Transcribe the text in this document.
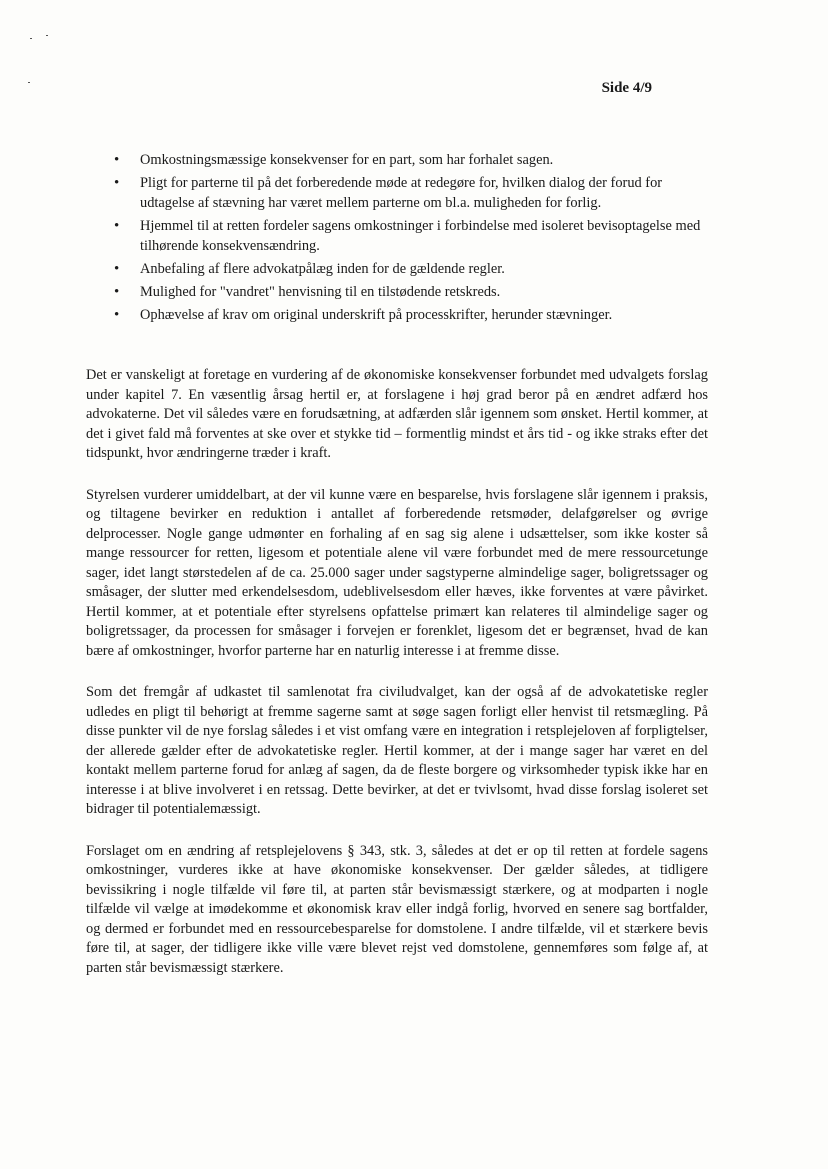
Side 4/9
• Omkostningsmæssige konsekvenser for en part, som har forhalet sagen.
• Pligt for parterne til på det forberedende møde at redegøre for, hvilken dialog der forud for udtagelse af stævning har været mellem parterne om bl.a. muligheden for forlig.
• Hjemmel til at retten fordeler sagens omkostninger i forbindelse med isoleret bevisoptagelse med tilhørende konsekvensændring.
• Anbefaling af flere advokatpålæg inden for de gældende regler.
• Mulighed for "vandret" henvisning til en tilstødende retskreds.
• Ophævelse af krav om original underskrift på processkrifter, herunder stævninger.

Det er vanskeligt at foretage en vurdering af de økonomiske konsekvenser forbundet med udvalgets forslag under kapitel 7. En væsentlig årsag hertil er, at forslagene i høj grad beror på en ændret adfærd hos advokaterne. Det vil således være en forudsætning, at adfærden slår igennem som ønsket. Hertil kommer, at det i givet fald må forventes at ske over et stykke tid – formentlig mindst et års tid - og ikke straks efter det tidspunkt, hvor ændringerne træder i kraft.

Styrelsen vurderer umiddelbart, at der vil kunne være en besparelse, hvis forslagene slår igennem i praksis, og tiltagene bevirker en reduktion i antallet af forberedende retsmøder, delafgørelser og øvrige delprocesser. Nogle gange udmønter en forhaling af en sag sig alene i udsættelser, som ikke koster så mange ressourcer for retten, ligesom et potentiale alene vil være forbundet med de mere ressourcetunge sager, idet langt størstedelen af de ca. 25.000 sager under sagstyperne almindelige sager, boligretssager og småsager, der slutter med erkendelsesdom, udeblivelsesdom eller hæves, ikke forventes at være påvirket. Hertil kommer, at et potentiale efter styrelsens opfattelse primært kan relateres til almindelige sager og boligretssager, da processen for småsager i forvejen er forenklet, ligesom det er begrænset, hvad de kan bære af omkostninger, hvorfor parterne har en naturlig interesse i at fremme disse.

Som det fremgår af udkastet til samlenotat fra civiludvalget, kan der også af de advokatetiske regler udledes en pligt til behørigt at fremme sagerne samt at søge sagen forligt eller henvist til retsmægling. På disse punkter vil de nye forslag således i et vist omfang være en integration i retsplejeloven af forpligtelser, der allerede gælder efter de advokatetiske regler. Hertil kommer, at der i mange sager har været en del kontakt mellem parterne forud for anlæg af sagen, da de fleste borgere og virksomheder typisk ikke har en interesse i at blive involveret i en retssag. Dette bevirker, at det er tvivlsomt, hvad disse forslag isoleret set bidrager til potentialemæssigt.

Forslaget om en ændring af retsplejelovens § 343, stk. 3, således at det er op til retten at fordele sagens omkostninger, vurderes ikke at have økonomiske konsekvenser. Der gælder således, at tidligere bevissikring i nogle tilfælde vil føre til, at parten står bevismæssigt stærkere, og at modparten i nogle tilfælde vil vælge at imødekomme et økonomisk krav eller indgå forlig, hvorved en senere sag bortfalder, og dermed er forbundet med en ressourcebesparelse for domstolene. I andre tilfælde, vil et stærkere bevis føre til, at sager, der tidligere ikke ville være blevet rejst ved domstolene, gennemføres som følge af, at parten står bevismæssigt stærkere.
